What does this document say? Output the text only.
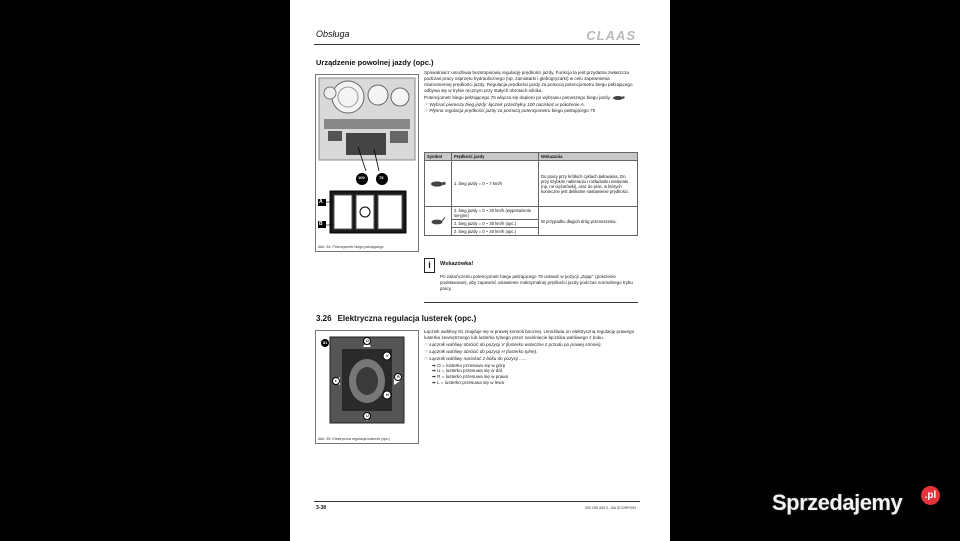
Obsługa	CLAAS
Urządzenie powolnej jazdy (opc.)
100	75
A
B
Abb. 54: Potencjometr biegu pełzającego

Spowalniacz umożliwia bezstopniową regulację prędkości jazdy. Funkcja ta jest przydatna zwłaszcza podczas pracy osprzętu hydraulicznego (np. zamiatarki i glebogryzarki) w celu zapewnienia równomiernej prędkości jazdy. Regulacja prędkości jazdy za pomocą potencjometru biegu pełzającego odbywa się w trybie ręcznym przy stałych obrotach silnika.

Potencjometr biegu pełzającego 75 włącza się dopiero po wybraniu pierwszego biegu jazdy

☞ Wybrać pierwszy bieg jazdy: łącznik przechyłny 100 naciskać w położenie A.

☞ Płynna regulacja prędkości jazdy za pomocą potencjometru biegu pełzającego 75

Symbol	Prędkość jazdy	Wskazania
	1. bieg jazdy = 0 ~ 7 km/h	Do pracy przy krótkich cyklach ładowania, tzn. przy szybkim nabieraniu i rozładunku materiału (np. ne ciężarówki), oraz do prac, w których konieczne jest delikatne nastawienie prędkości.
	2. bieg jazdy = 0 ~ 20 km/h (wyposażenie seryjne)	W przypadku długich dróg przenoszenia.
	2. bieg jazdy = 0 ~ 30 km/h (opc.)	
	2. bieg jazdy = 0 ~ 40 km/h (opc.)	
i	Wskazówka!
Po zakończeniu potencjometr biegu pełzającego 75 ustawić w pozycji „Zając” (położenie podstawowe), aby zapewnić ustawienie maksymalnej prędkości jazdy podczas normalnego trybu pracy.
3.26 Elektryczna regulacja lusterek (opc.)
81	O
V
R
H
L
U
Abb. 55: Elektryczna regulacja lusterek (opc.)

Łącznik wahliwy 81 znajduje się w prawej konsoli bocznej. Umożliwia on elektryczną regulację prawego lusterka zewnętrznego lub lusterka tylnego przez naciśnięcie łącznika wahliwego z boku.

☞ Łącznik wahliwy obrócić do pozycji V (lusterko wsteczne z przodu po prawej stronie).

☞ Łącznik wahliwy obrócić do pozycji H (lusterko tylne).

☞ Łącznik wahliwy naciskać z boku do pozycji ......

➡ O = lusterko przesuwa się w górę
➡ U = lusterko przesuwa się w dół
➡ R = lusterko przesuwa się w prawo
➡ L = lusterko przesuwa się w lewo
3-38	000 295 445 0 - BA SCORPION	Sprzedajemy	.pl
